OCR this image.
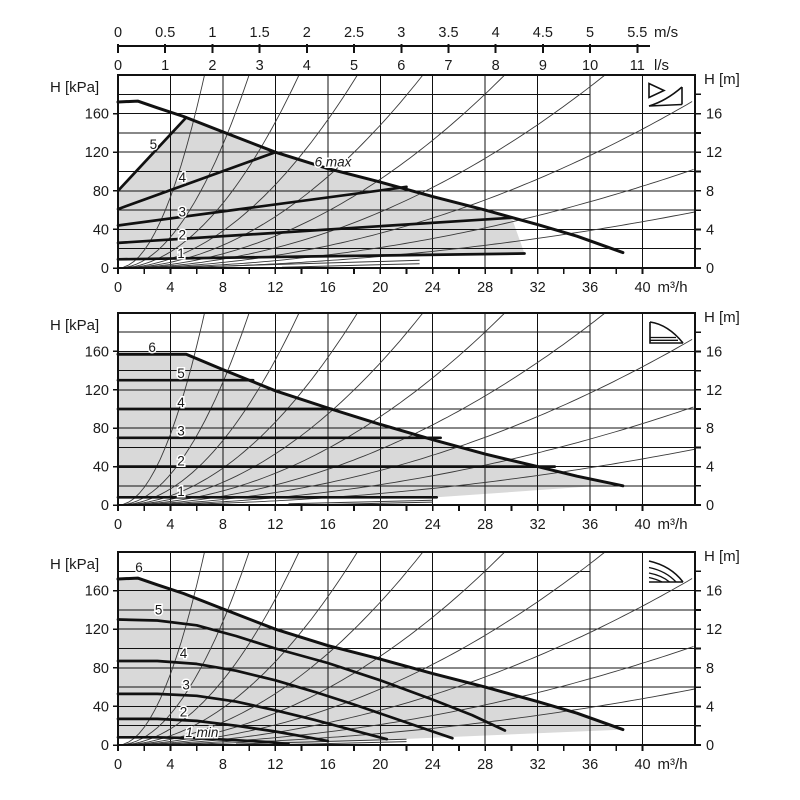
0
0
0.5
1
1
2
1.5
3
2
4
2.5
5
3
6
3.5
7
4
8
4.5
9
5
10
5.5
11
m/s
l/s
0	4	8	12	16	20	24	28	32	36	40 m³/h
0
4
8
12
16
0
40
80
120
160
H [kPa]	H [m]
5
4
3
2
1
6 max
0	4	8	12	16	20	24	28	32	36	40 m³/h
0
4
8
12
16
0
40
80
120
160
H [kPa]	H [m]
6
5
4
3
2
1
0	4	8	12	16	20	24	28	32	36	40 m³/h
0
4
8
12
16
0
40
80
120
160
H [kPa]	H [m]
6
5
4
3
2
1 min
